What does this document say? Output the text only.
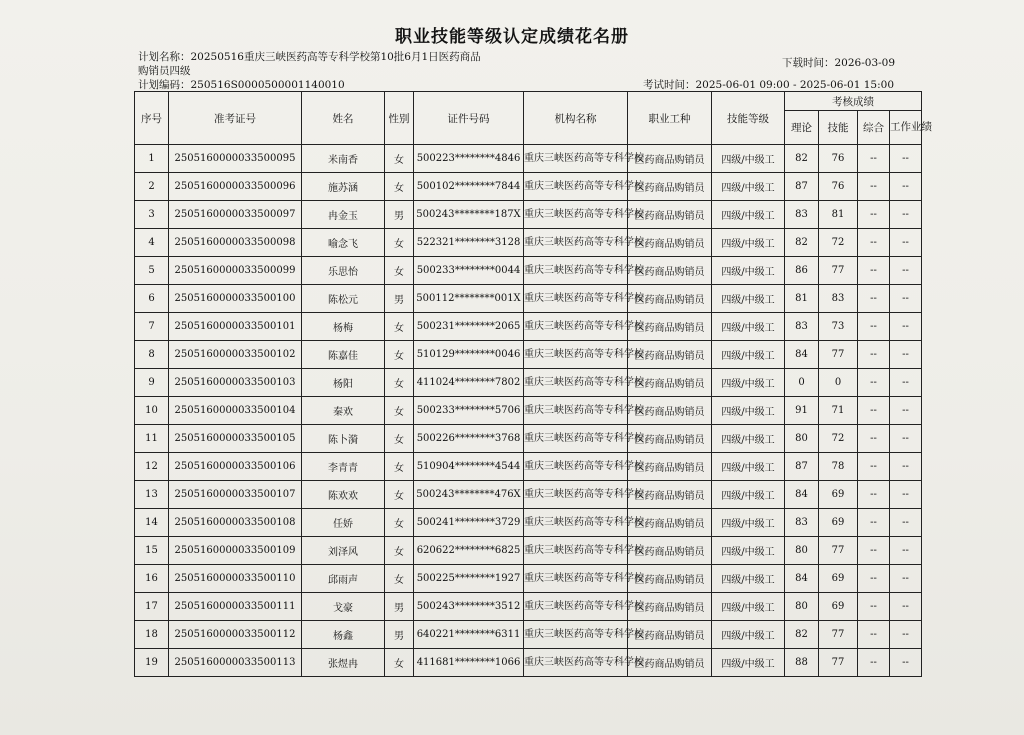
职业技能等级认定成绩花名册
计划名称：20250516重庆三峡医药高等专科学校第10批6月1日医药商品
购销员四级
计划编码：250516S0000500001140010
下载时间：2026-03-09
考试时间：2025-06-01 09:00 - 2025-06-01 15:00
序号	准考证号	姓名	性别	证件号码	机构名称	职业工种	技能等级	考核成绩			
								理论	技能	综合	工作业绩
1	2505160000033500095	米南香	女	500223********4846	重庆三峡医药高等专科学校	医药商品购销员	四级/中级工	82	76	--	--
2	2505160000033500096	施苏涵	女	500102********7844	重庆三峡医药高等专科学校	医药商品购销员	四级/中级工	87	76	--	--
3	2505160000033500097	冉金玉	男	500243********187X	重庆三峡医药高等专科学校	医药商品购销员	四级/中级工	83	81	--	--
4	2505160000033500098	喻念飞	女	522321********3128	重庆三峡医药高等专科学校	医药商品购销员	四级/中级工	82	72	--	--
5	2505160000033500099	乐思怡	女	500233********0044	重庆三峡医药高等专科学校	医药商品购销员	四级/中级工	86	77	--	--
6	2505160000033500100	陈松元	男	500112********001X	重庆三峡医药高等专科学校	医药商品购销员	四级/中级工	81	83	--	--
7	2505160000033500101	杨梅	女	500231********2065	重庆三峡医药高等专科学校	医药商品购销员	四级/中级工	83	73	--	--
8	2505160000033500102	陈嘉佳	女	510129********0046	重庆三峡医药高等专科学校	医药商品购销员	四级/中级工	84	77	--	--
9	2505160000033500103	杨阳	女	411024********7802	重庆三峡医药高等专科学校	医药商品购销员	四级/中级工	0	0	--	--
10	2505160000033500104	秦欢	女	500233********5706	重庆三峡医药高等专科学校	医药商品购销员	四级/中级工	91	71	--	--
11	2505160000033500105	陈卜漪	女	500226********3768	重庆三峡医药高等专科学校	医药商品购销员	四级/中级工	80	72	--	--
12	2505160000033500106	李青青	女	510904********4544	重庆三峡医药高等专科学校	医药商品购销员	四级/中级工	87	78	--	--
13	2505160000033500107	陈欢欢	女	500243********476X	重庆三峡医药高等专科学校	医药商品购销员	四级/中级工	84	69	--	--
14	2505160000033500108	任娇	女	500241********3729	重庆三峡医药高等专科学校	医药商品购销员	四级/中级工	83	69	--	--
15	2505160000033500109	刘泽风	女	620622********6825	重庆三峡医药高等专科学校	医药商品购销员	四级/中级工	80	77	--	--
16	2505160000033500110	邱雨声	女	500225********1927	重庆三峡医药高等专科学校	医药商品购销员	四级/中级工	84	69	--	--
17	2505160000033500111	戈豪	男	500243********3512	重庆三峡医药高等专科学校	医药商品购销员	四级/中级工	80	69	--	--
18	2505160000033500112	杨鑫	男	640221********6311	重庆三峡医药高等专科学校	医药商品购销员	四级/中级工	82	77	--	--
19	2505160000033500113	张煜冉	女	411681********1066	重庆三峡医药高等专科学校	医药商品购销员	四级/中级工	88	77	--	--
